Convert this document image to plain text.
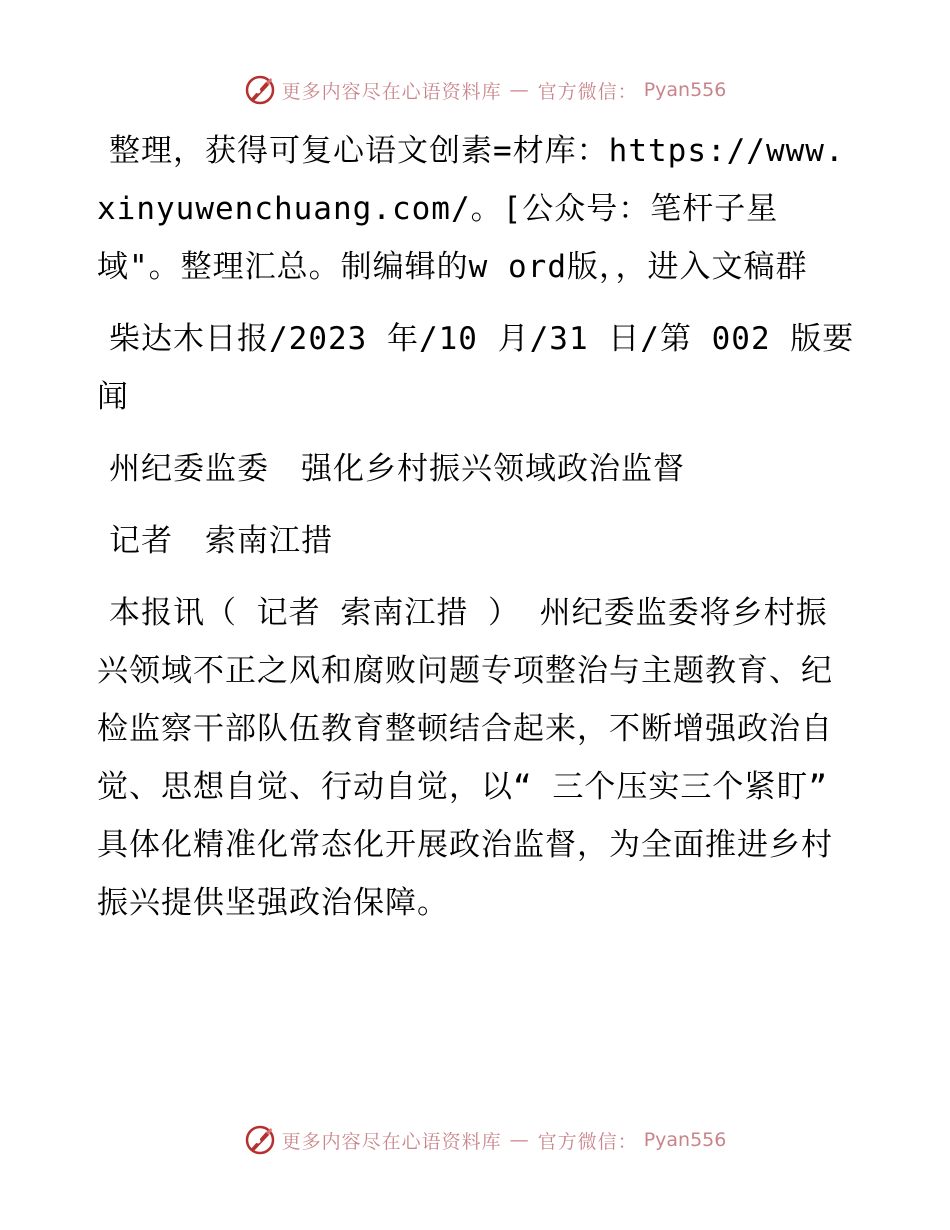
更多内容尽在心语资料库 — 官方微信： Pyan556

整理，获得可复心语文创素=材库：https://www.xinyuwenchuang.com/。[公众号：笔杆子星域"。整理汇总。制编辑的w ord版，，进入文稿群

柴达木日报/2023 年/10 月/31 日/第 002 版要闻

州纪委监委　强化乡村振兴领域政治监督

记者　索南江措

本报讯（ 记者 索南江措 ） 州纪委监委将乡村振兴领域不正之风和腐败问题专项整治与主题教育、纪检监察干部队伍教育整顿结合起来，不断增强政治自觉、思想自觉、行动自觉，以“ 三个压实三个紧盯” 具体化精准化常态化开展政治监督，为全面推进乡村振兴提供坚强政治保障。

更多内容尽在心语资料库 — 官方微信： Pyan556
